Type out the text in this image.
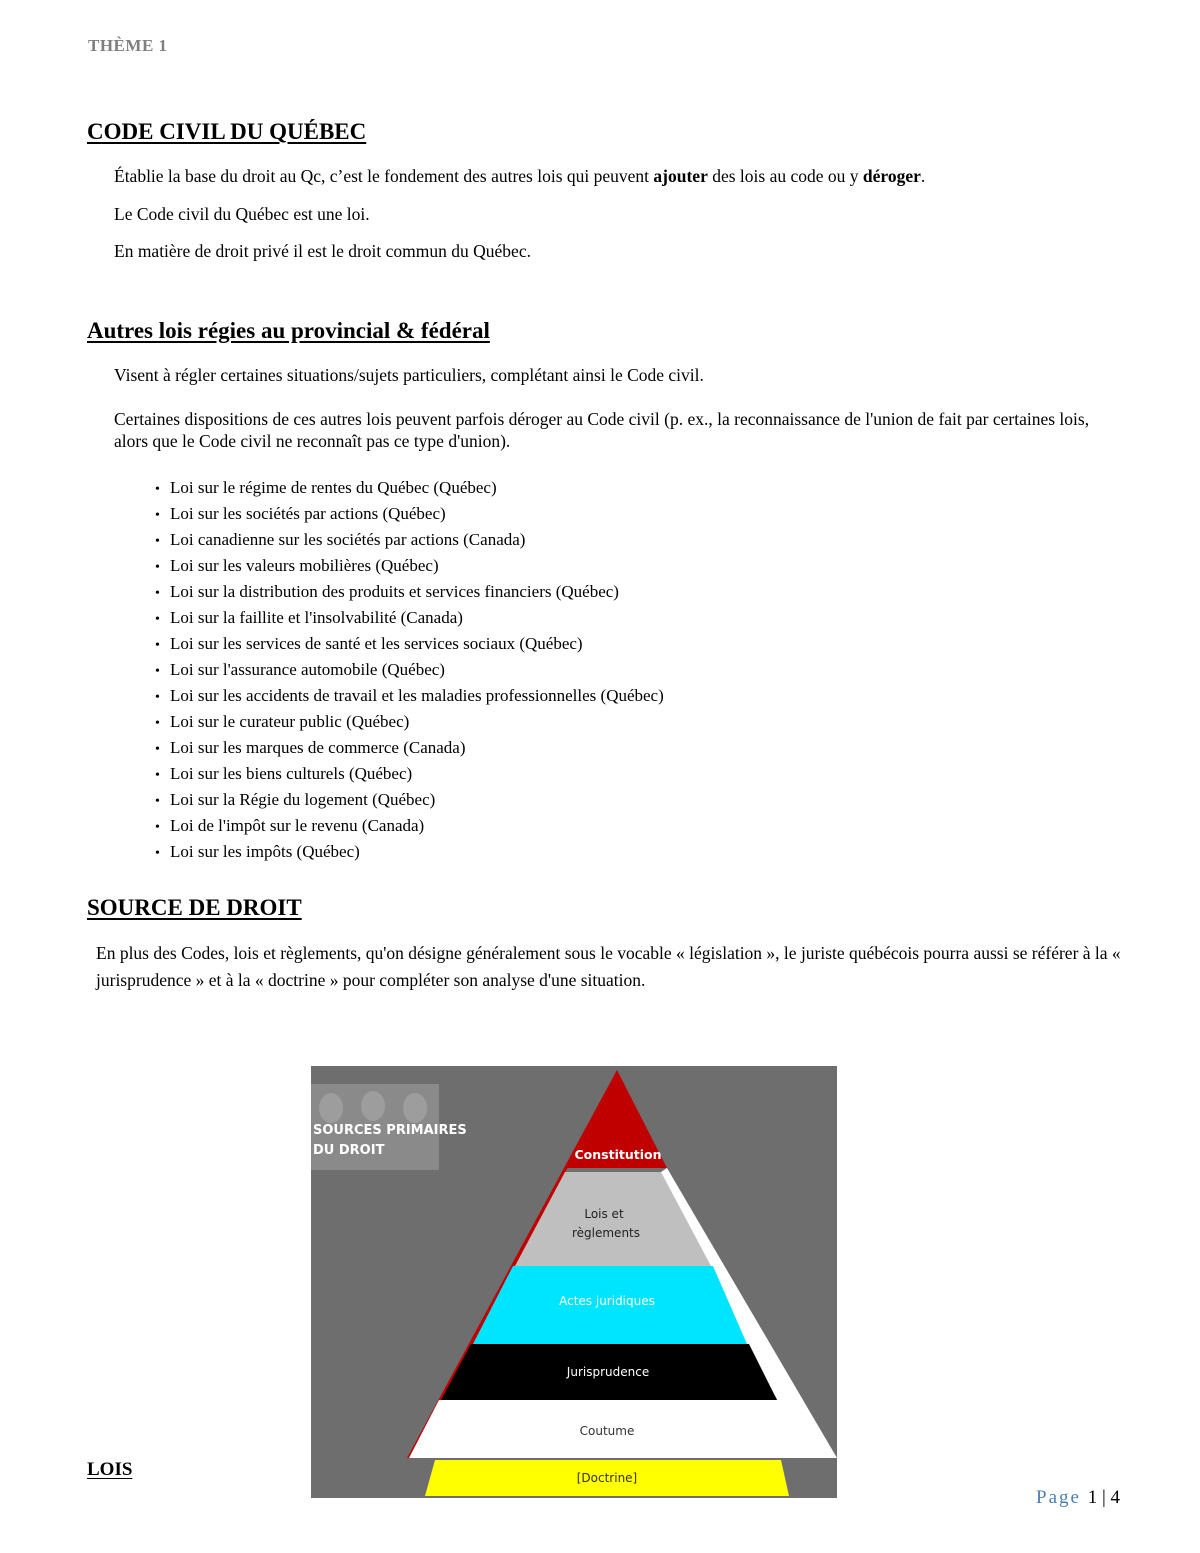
THÈME 1
CODE CIVIL DU QUÉBEC
Établie la base du droit au Qc, c’est le fondement des autres lois qui peuvent ajouter des lois au code ou y déroger.
Le Code civil du Québec est une loi.
En matière de droit privé il est le droit commun du Québec.
Autres lois régies au provincial & fédéral
Visent à régler certaines situations/sujets particuliers, complétant ainsi le Code civil.
Certaines dispositions de ces autres lois peuvent parfois déroger au Code civil (p. ex., la reconnaissance de l'union de fait par certaines lois, alors que le Code civil ne reconnaît pas ce type d'union).
• Loi sur le régime de rentes du Québec (Québec)
• Loi sur les sociétés par actions (Québec)
• Loi canadienne sur les sociétés par actions (Canada)
• Loi sur les valeurs mobilières (Québec)
• Loi sur la distribution des produits et services financiers (Québec)
• Loi sur la faillite et l'insolvabilité (Canada)
• Loi sur les services de santé et les services sociaux (Québec)
• Loi sur l'assurance automobile (Québec)
• Loi sur les accidents de travail et les maladies professionnelles (Québec)
• Loi sur le curateur public (Québec)
• Loi sur les marques de commerce (Canada)
• Loi sur les biens culturels (Québec)
• Loi sur la Régie du logement (Québec)
• Loi de l'impôt sur le revenu (Canada)
• Loi sur les impôts (Québec)
SOURCE DE DROIT
En plus des Codes, lois et règlements, qu'on désigne généralement sous le vocable « législation », le juriste québécois pourra aussi se référer à la « jurisprudence » et à la « doctrine » pour compléter son analyse d'une situation.
SOURCES PRIMAIRES
DU DROIT	Constitution
Lois et
règlements
Actes juridiques
Jurisprudence
Coutume
[Doctrine]
LOIS
Page 1 | 4
